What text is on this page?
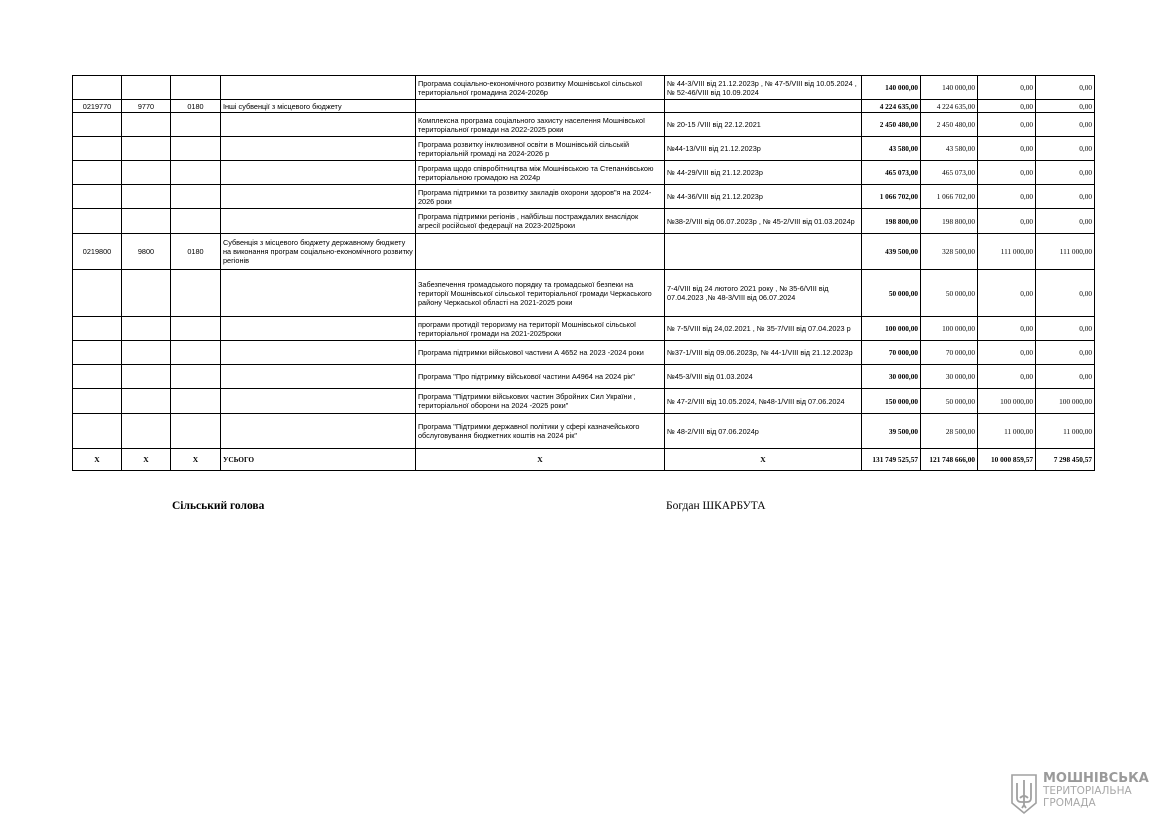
				Програма соціально-економічного розвитку Мошнівської сільської територіальної громадина 2024-2026р	№ 44-3/VIII від 21.12.2023р , № 47-5/VIII від 10.05.2024 ,№ 52-46/VIII від 10.09.2024	140 000,00	140 000,00	0,00	0,00
0219770	9770	0180	Інші субвенції з місцевого бюджету			4 224 635,00	4 224 635,00	0,00	0,00
				Комплексна програма соціального захисту населення Мошнівської територіальної громади на 2022-2025 роки	№ 20-15 /VIII від 22.12.2021	2 450 480,00	2 450 480,00	0,00	0,00
				Програма розвитку інклюзивної освіти в Мошнівській сільській територіальній громаді на 2024-2026 р	№44-13/VIII від 21.12.2023р	43 580,00	43 580,00	0,00	0,00
				Програма щодо співробітництва між Мошнівською та Степанківською територіальною громадою на 2024р	№ 44-29/VIII від 21.12.2023р	465 073,00	465 073,00	0,00	0,00
				Програма підтримки та розвитку закладів охорони здоров"я на 2024-2026 роки	№ 44-36/VIII від 21.12.2023р	1 066 702,00	1 066 702,00	0,00	0,00
				Програма підтримки регіонів , найбільш постраждалих внаслідок агресії російської федерації на 2023-2025роки	№38-2/VIII від 06.07.2023р , № 45-2/VIII від 01.03.2024р	198 800,00	198 800,00	0,00	0,00
0219800	9800	0180	Субвенція з місцевого бюджету державному бюджету на виконання програм соціально-економічного розвитку регіонів			439 500,00	328 500,00	111 000,00	111 000,00
				Забезпечення громадського порядку та громадської безпеки на території Мошнівської сільської територіальної громади Черкаського району Черкаської області на 2021-2025 роки	7-4/VIII від 24 лютого 2021 року , № 35-6/VIII від 07.04.2023 ,№ 48-3/VIII від 06.07.2024	50 000,00	50 000,00	0,00	0,00
				програми протидії тероризму на території Мошнівської сільської територіальної громади на 2021-2025роки	№ 7-5/VIII від 24,02.2021 , № 35-7/VIII від 07.04.2023 р	100 000,00	100 000,00	0,00	0,00
				Програма підтримки військової частини А 4652 на 2023 -2024 роки	№37-1/VIII від 09.06.2023р, № 44-1/VIII від 21.12.2023р	70 000,00	70 000,00	0,00	0,00
				Програма "Про підтримку військової частини А4964 на 2024 рік"	№45-3/VIII від 01.03.2024	30 000,00	30 000,00	0,00	0,00
				Програма "Підтримки військових частин Збройних Сил України , територіальної оборони на 2024 -2025 роки"	№ 47-2/VIII від 10.05.2024, №48-1/VIII від 07.06.2024	150 000,00	50 000,00	100 000,00	100 000,00
				Програма "Підтримки державної політики у сфері казначейського обслуговування бюджетних коштів на 2024 рік"	№ 48-2/VIII від 07.06.2024р	39 500,00	28 500,00	11 000,00	11 000,00
X	X	X	УСЬОГО	X	X	131 749 525,57	121 748 666,00	10 000 859,57	7 298 450,57
Сільський голова	Богдан ШКАРБУТА
МОШНІВСЬКА
ТЕРИТОРІАЛЬНА
ГРОМАДА
